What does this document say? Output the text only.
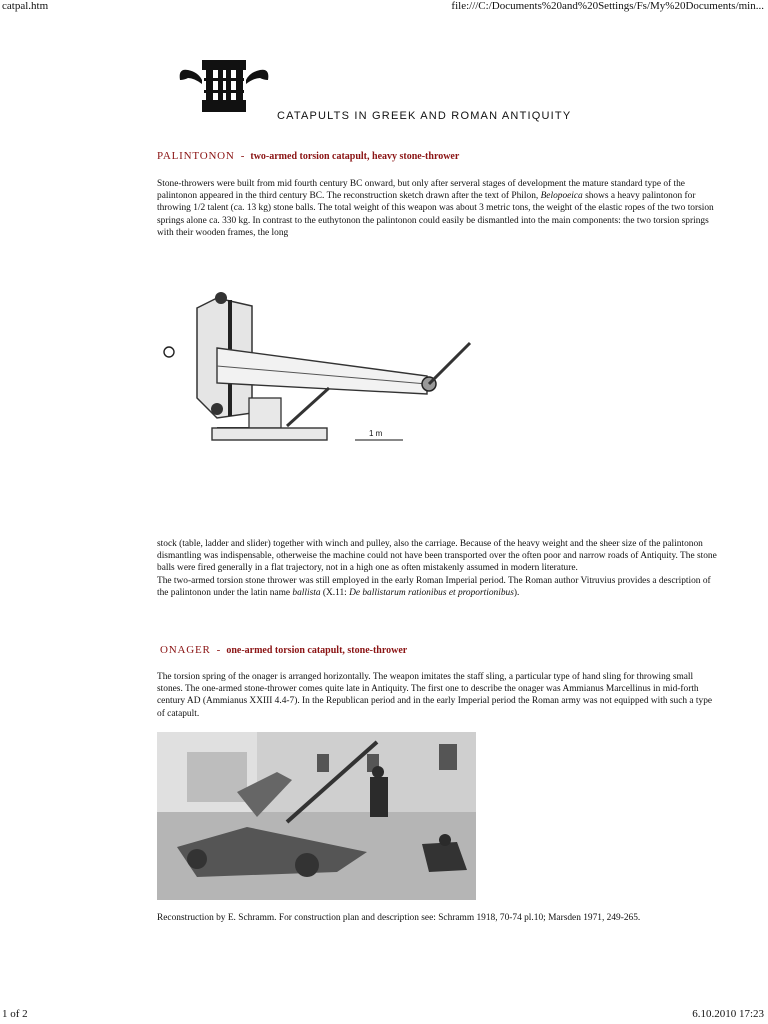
catpal.htm	file:///C:/Documents%20and%20Settings/Fs/My%20Documents/min...
CATAPULTS IN GREEK AND ROMAN ANTIQUITY
PALINTONON - two-armed torsion catapult, heavy stone-thrower
Stone-throwers were built from mid fourth century BC onward, but only after serveral stages of development the mature standard type of the palintonon appeared in the third century BC. The reconstruction sketch drawn after the text of Philon, Belopoeica shows a heavy palintonon for throwing 1/2 talent (ca. 13 kg) stone balls. The total weight of this weapon was about 3 metric tons, the weight of the elastic ropes of the two torsion springs alone ca. 330 kg. In contrast to the euthytonon the palintonon could easily be dismantled into the main components: the two torsion springs with their wooden frames, the long
1 m
stock (table, ladder and slider) together with winch and pulley, also the carriage. Because of the heavy weight and the sheer size of the palintonon dismantling was indispensable, otherweise the machine could not have been transported over the often poor and narrow roads of Antiquity. The stone balls were fired generally in a flat trajectory, not in a high one as often mistakenly assumed in modern literature.
The two-armed torsion stone thrower was still employed in the early Roman Imperial period. The Roman author Vitruvius provides a description of the palintonon under the latin name ballista (X.11: De ballistarum rationibus et proportionibus).
ONAGER - one-armed torsion catapult, stone-thrower
The torsion spring of the onager is arranged horizontally. The weapon imitates the staff sling, a particular type of hand sling for throwing small stones. The one-armed stone-thrower comes quite late in Antiquity. The first one to describe the onager was Ammianus Marcellinus in mid-forth century AD (Ammianus XXIII 4.4-7). In the Republican period and in the early Imperial period the Roman army was not equipped with such a type of catapult.
Reconstruction by E. Schramm. For construction plan and description see: Schramm 1918, 70-74 pl.10; Marsden 1971, 249-265.
1 of 2	6.10.2010 17:23
